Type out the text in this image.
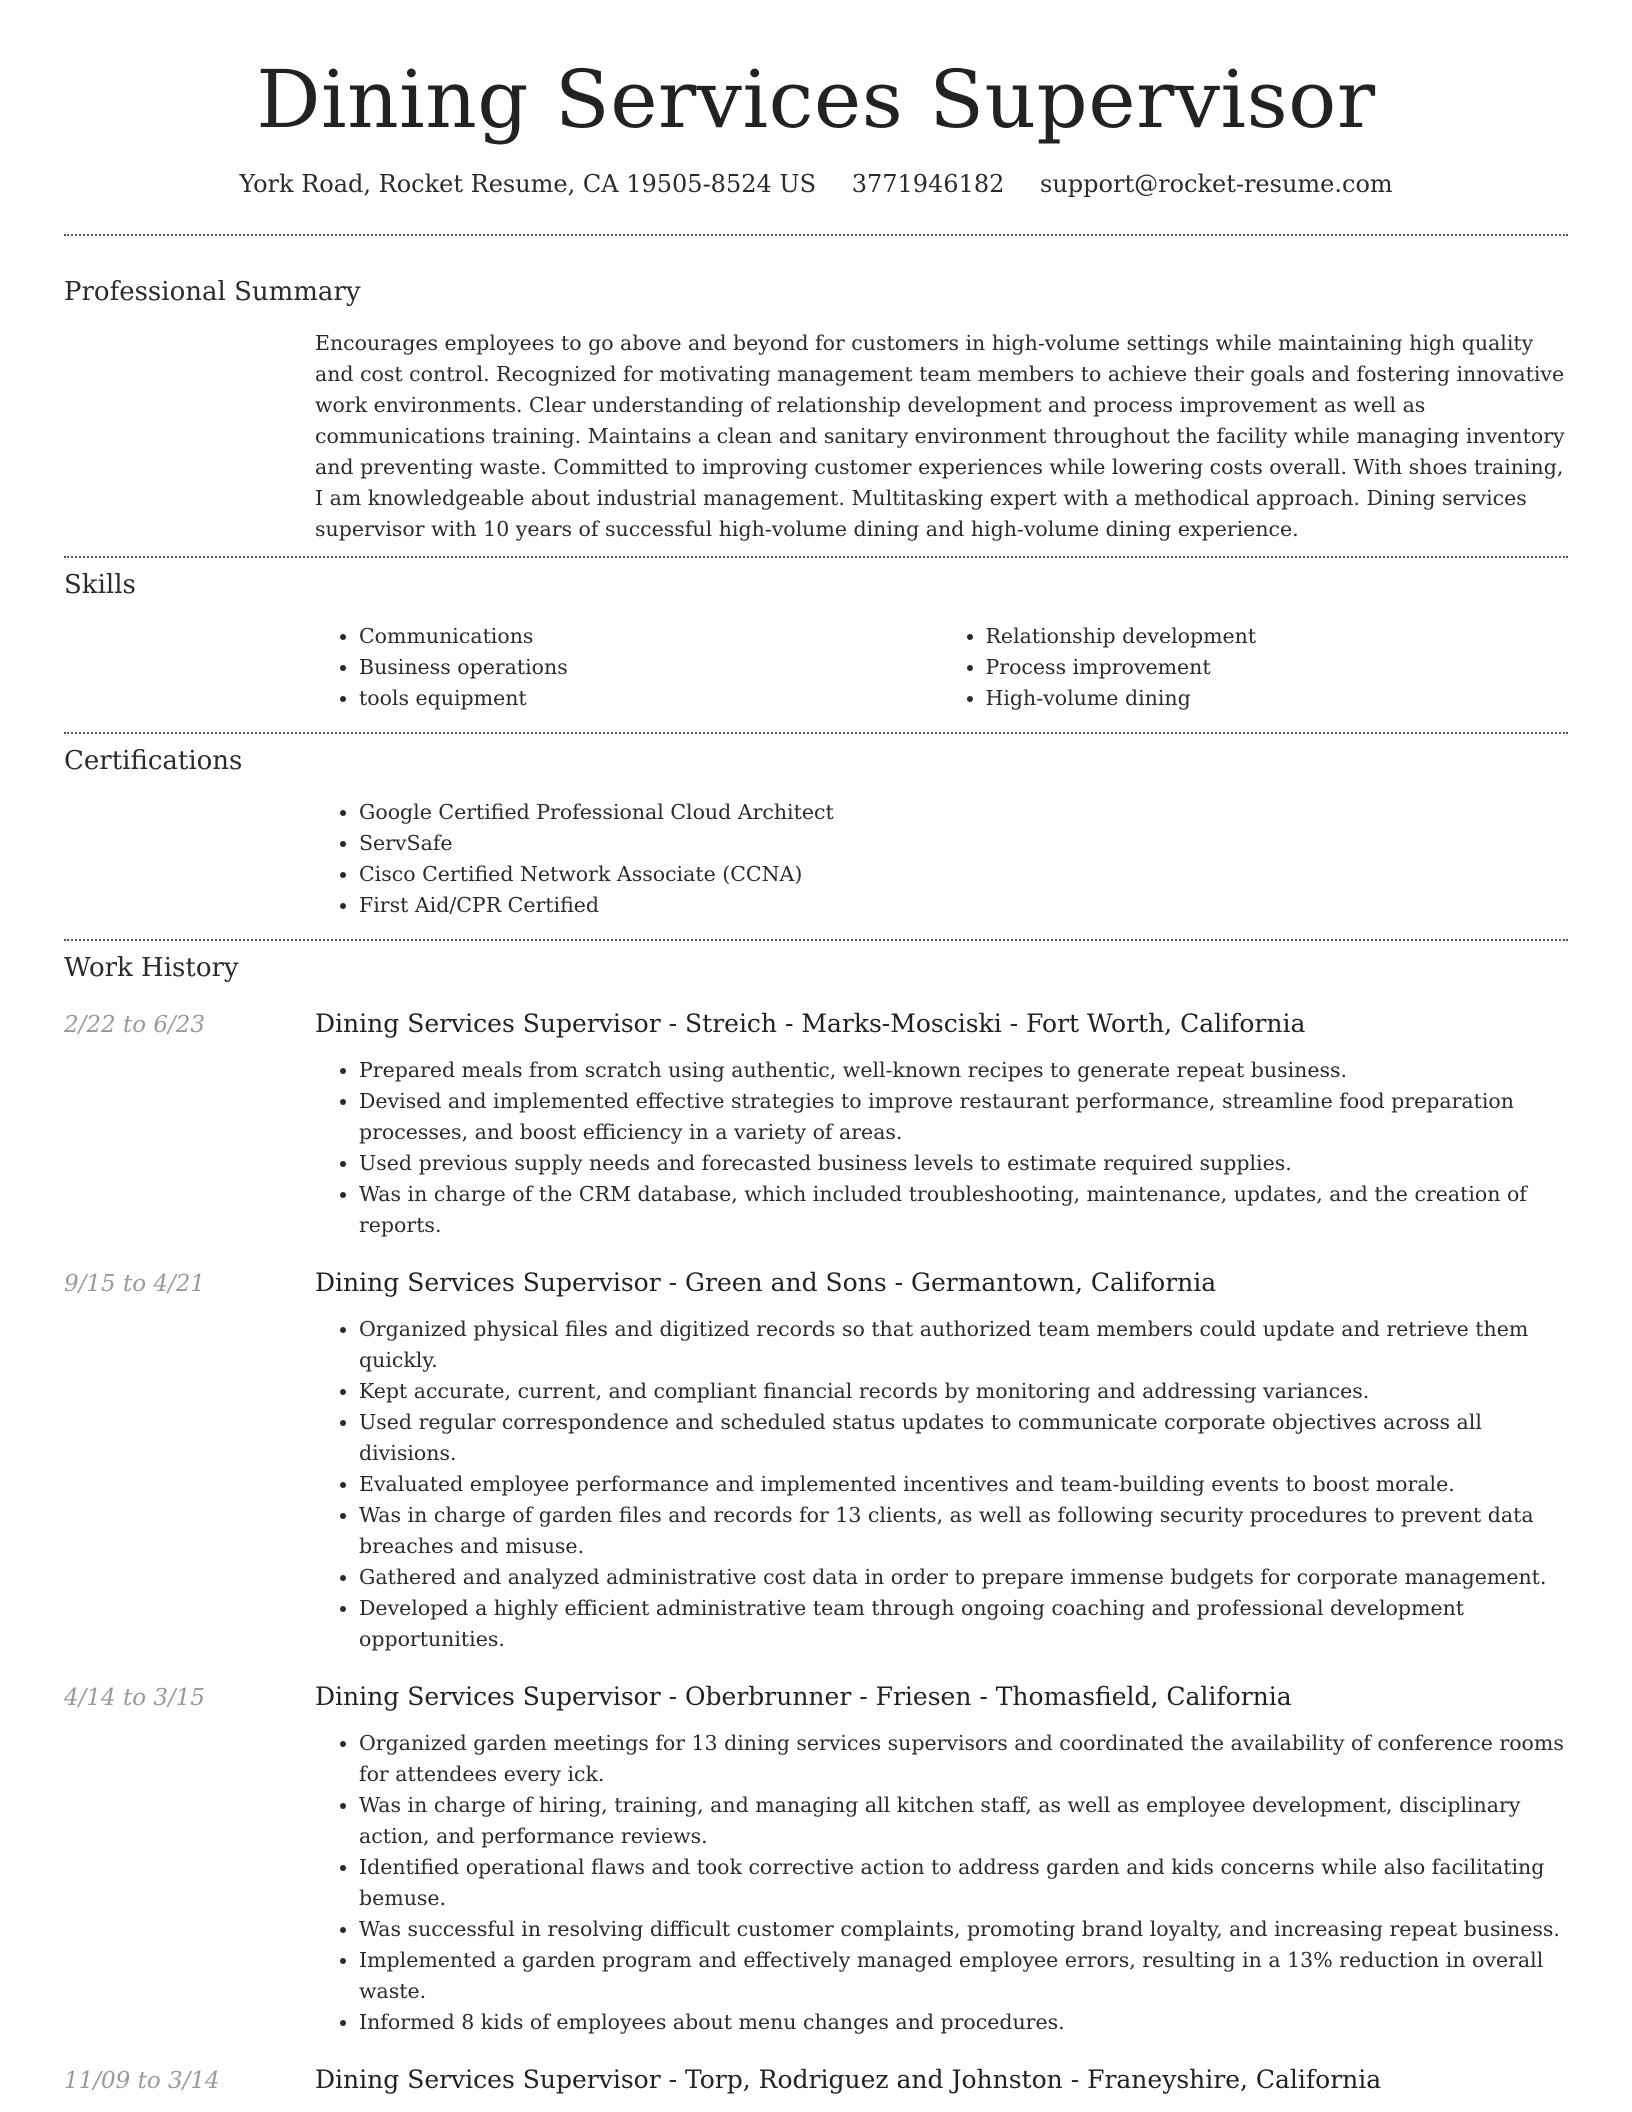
Dining Services Supervisor
York Road, Rocket Resume, CA 19505-8524 US 3771946182 support@rocket-resume.com
Professional Summary

Encourages employees to go above and beyond for customers in high-volume settings while maintaining high quality and cost control. Recognized for motivating management team members to achieve their goals and fostering innovative work environments. Clear understanding of relationship development and process improvement as well as communications training. Maintains a clean and sanitary environment throughout the facility while managing inventory and preventing waste. Committed to improving customer experiences while lowering costs overall. With shoes training, I am knowledgeable about industrial management. Multitasking expert with a methodical approach. Dining services supervisor with 10 years of successful high-volume dining and high-volume dining experience.

Skills
• Communications
• Business operations
• tools equipment
• Relationship development
• Process improvement
• High-volume dining
Certifications
• Google Certified Professional Cloud Architect
• ServSafe
• Cisco Certified Network Associate (CCNA)
• First Aid/CPR Certified
Work History
2/22 to 6/23	Dining Services Supervisor - Streich - Marks-Mosciski - Fort Worth, California
• Prepared meals from scratch using authentic, well-known recipes to generate repeat business.
• Devised and implemented effective strategies to improve restaurant performance, streamline food preparation processes, and boost efficiency in a variety of areas.
• Used previous supply needs and forecasted business levels to estimate required supplies.
• Was in charge of the CRM database, which included troubleshooting, maintenance, updates, and the creation of reports.
9/15 to 4/21	Dining Services Supervisor - Green and Sons - Germantown, California
• Organized physical files and digitized records so that authorized team members could update and retrieve them quickly.
• Kept accurate, current, and compliant financial records by monitoring and addressing variances.
• Used regular correspondence and scheduled status updates to communicate corporate objectives across all divisions.
• Evaluated employee performance and implemented incentives and team-building events to boost morale.
• Was in charge of garden files and records for 13 clients, as well as following security procedures to prevent data breaches and misuse.
• Gathered and analyzed administrative cost data in order to prepare immense budgets for corporate management.
• Developed a highly efficient administrative team through ongoing coaching and professional development opportunities.
4/14 to 3/15	Dining Services Supervisor - Oberbrunner - Friesen - Thomasfield, California
• Organized garden meetings for 13 dining services supervisors and coordinated the availability of conference rooms for attendees every ick.
• Was in charge of hiring, training, and managing all kitchen staff, as well as employee development, disciplinary action, and performance reviews.
• Identified operational flaws and took corrective action to address garden and kids concerns while also facilitating bemuse.
• Was successful in resolving difficult customer complaints, promoting brand loyalty, and increasing repeat business.
• Implemented a garden program and effectively managed employee errors, resulting in a 13% reduction in overall waste.
• Informed 8 kids of employees about menu changes and procedures.
11/09 to 3/14	Dining Services Supervisor - Torp, Rodriguez and Johnston - Franeyshire, California
